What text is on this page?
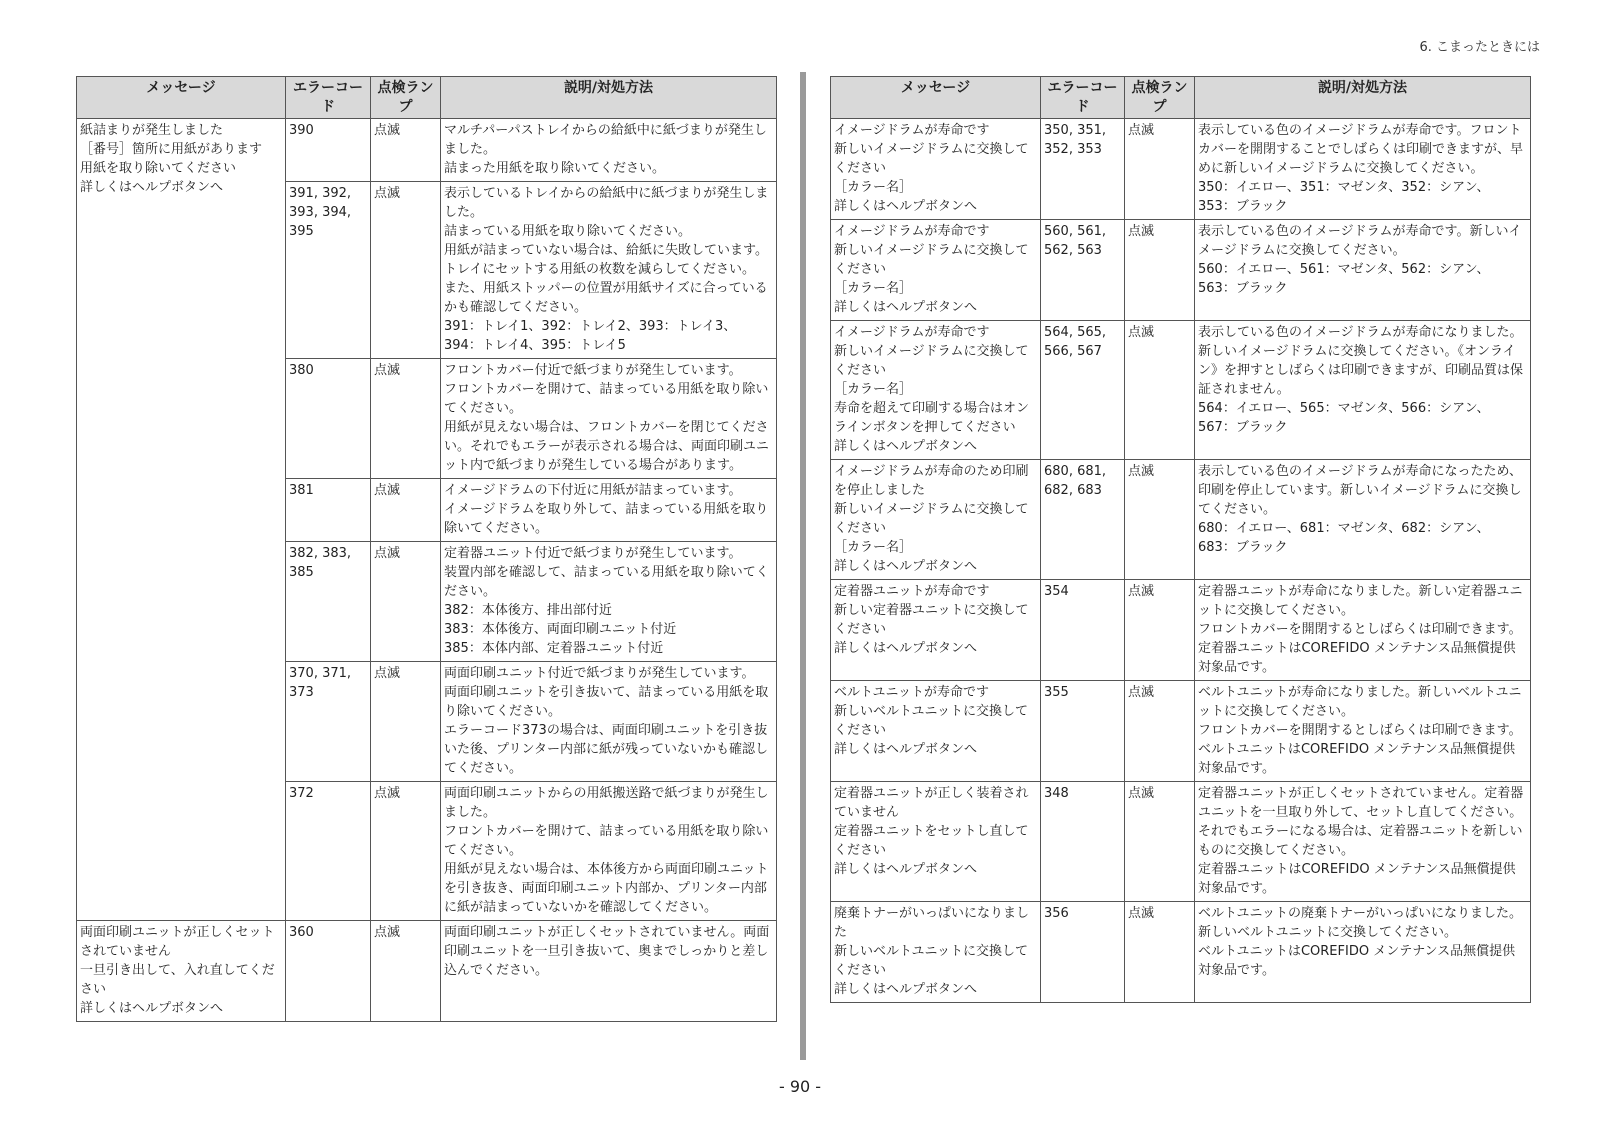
6. こまったときには
メッセージ	エラーコード	点検ランプ	説明/対処方法
紙詰まりが発生しました
［番号］箇所に用紙があります
用紙を取り除いてください
詳しくはヘルプボタンへ	390	点滅	マルチパーパストレイからの給紙中に紙づまりが発生しました。
詰まった用紙を取り除いてください。
	391, 392, 393, 394, 395	点滅	表示しているトレイからの給紙中に紙づまりが発生しました。
詰まっている用紙を取り除いてください。
用紙が詰まっていない場合は、給紙に失敗しています。トレイにセットする用紙の枚数を減らしてください。
また、用紙ストッパーの位置が用紙サイズに合っているかも確認してください。
391：トレイ1、392：トレイ2、393：トレイ3、394：トレイ4、395：トレイ5
	380	点滅	フロントカバー付近で紙づまりが発生しています。
フロントカバーを開けて、詰まっている用紙を取り除いてください。
用紙が見えない場合は、フロントカバーを閉じてください。それでもエラーが表示される場合は、両面印刷ユニット内で紙づまりが発生している場合があります。
	381	点滅	イメージドラムの下付近に用紙が詰まっています。
イメージドラムを取り外して、詰まっている用紙を取り除いてください。
	382, 383, 385	点滅	定着器ユニット付近で紙づまりが発生しています。
装置内部を確認して、詰まっている用紙を取り除いてください。
382：本体後方、排出部付近
383：本体後方、両面印刷ユニット付近
385：本体内部、定着器ユニット付近
	370, 371, 373	点滅	両面印刷ユニット付近で紙づまりが発生しています。
両面印刷ユニットを引き抜いて、詰まっている用紙を取り除いてください。
エラーコード373の場合は、両面印刷ユニットを引き抜いた後、プリンター内部に紙が残っていないかも確認してください。
	372	点滅	両面印刷ユニットからの用紙搬送路で紙づまりが発生しました。
フロントカバーを開けて、詰まっている用紙を取り除いてください。
用紙が見えない場合は、本体後方から両面印刷ユニットを引き抜き、両面印刷ユニット内部か、プリンター内部に紙が詰まっていないかを確認してください。
両面印刷ユニットが正しくセットされていません
一旦引き出して、入れ直してください
詳しくはヘルプボタンへ	360	点滅	両面印刷ユニットが正しくセットされていません。両面印刷ユニットを一旦引き抜いて、奥までしっかりと差し込んでください。
メッセージ	エラーコード	点検ランプ	説明/対処方法
イメージドラムが寿命です
新しいイメージドラムに交換してください
［カラー名］
詳しくはヘルプボタンへ	350, 351, 352, 353	点滅	表示している色のイメージドラムが寿命です。フロントカバーを開閉することでしばらくは印刷できますが、早めに新しいイメージドラムに交換してください。
350：イエロー、351：マゼンタ、352：シアン、353：ブラック
イメージドラムが寿命です
新しいイメージドラムに交換してください
［カラー名］
詳しくはヘルプボタンへ	560, 561, 562, 563	点滅	表示している色のイメージドラムが寿命です。新しいイメージドラムに交換してください。
560：イエロー、561：マゼンタ、562：シアン、563：ブラック
イメージドラムが寿命です
新しいイメージドラムに交換してください
［カラー名］
寿命を超えて印刷する場合はオンラインボタンを押してください
詳しくはヘルプボタンへ	564, 565, 566, 567	点滅	表示している色のイメージドラムが寿命になりました。新しいイメージドラムに交換してください。《オンライン》を押すとしばらくは印刷できますが、印刷品質は保証されません。
564：イエロー、565：マゼンタ、566：シアン、567：ブラック
イメージドラムが寿命のため印刷を停止しました
新しいイメージドラムに交換してください
［カラー名］
詳しくはヘルプボタンへ	680, 681, 682, 683	点滅	表示している色のイメージドラムが寿命になったため、印刷を停止しています。新しいイメージドラムに交換してください。
680：イエロー、681：マゼンタ、682：シアン、683：ブラック
定着器ユニットが寿命です
新しい定着器ユニットに交換してください
詳しくはヘルプボタンへ	354	点滅	定着器ユニットが寿命になりました。新しい定着器ユニットに交換してください。
フロントカバーを開閉するとしばらくは印刷できます。
定着器ユニットはCOREFIDO メンテナンス品無償提供対象品です。
ベルトユニットが寿命です
新しいベルトユニットに交換してください
詳しくはヘルプボタンへ	355	点滅	ベルトユニットが寿命になりました。新しいベルトユニットに交換してください。
フロントカバーを開閉するとしばらくは印刷できます。
ベルトユニットはCOREFIDO メンテナンス品無償提供対象品です。
定着器ユニットが正しく装着されていません
定着器ユニットをセットし直してください
詳しくはヘルプボタンへ	348	点滅	定着器ユニットが正しくセットされていません。定着器ユニットを一旦取り外して、セットし直してください。
それでもエラーになる場合は、定着器ユニットを新しいものに交換してください。
定着器ユニットはCOREFIDO メンテナンス品無償提供対象品です。
廃棄トナーがいっぱいになりました
新しいベルトユニットに交換してください
詳しくはヘルプボタンへ	356	点滅	ベルトユニットの廃棄トナーがいっぱいになりました。新しいベルトユニットに交換してください。
ベルトユニットはCOREFIDO メンテナンス品無償提供対象品です。
- 90 -
